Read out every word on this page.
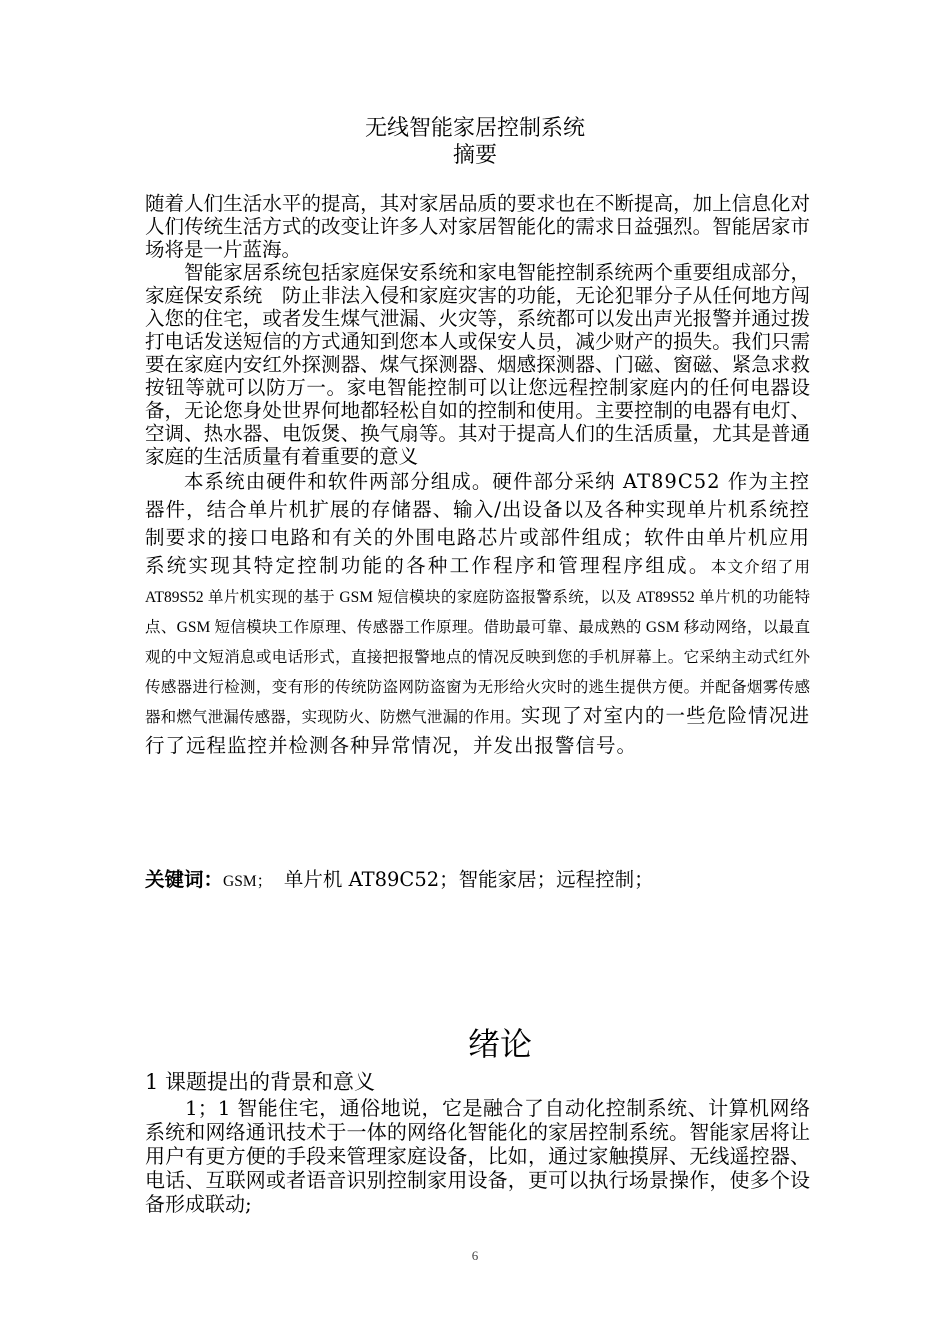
无线智能家居控制系统
摘要

随着人们生活水平的提高，其对家居品质的要求也在不断提高，加上信息化对人们传统生活方式的改变让许多人对家居智能化的需求日益强烈。智能居家市场将是一片蓝海。

智能家居系统包括家庭保安系统和家电智能控制系统两个重要组成部分，家庭保安系统　防止非法入侵和家庭灾害的功能，无论犯罪分子从任何地方闯入您的住宅，或者发生煤气泄漏、火灾等，系统都可以发出声光报警并通过拨打电话发送短信的方式通知到您本人或保安人员，减少财产的损失。我们只需要在家庭内安红外探测器、煤气探测器、烟感探测器、门磁、窗磁、紧急求救按钮等就可以防万一。家电智能控制可以让您远程控制家庭内的任何电器设备，无论您身处世界何地都轻松自如的控制和使用。主要控制的电器有电灯、空调、热水器、电饭煲、换气扇等。其对于提高人们的生活质量，尤其是普通家庭的生活质量有着重要的意义

本系统由硬件和软件两部分组成。硬件部分采纳 AT89C52 作为主控器件，结合单片机扩展的存储器、输入/出设备以及各种实现单片机系统控制要求的接口电路和有关的外围电路芯片或部件组成；软件由单片机应用系统实现其特定控制功能的各种工作程序和管理程序组成。本文介绍了用 AT89S52 单片机实现的基于 GSM 短信模块的家庭防盗报警系统，以及 AT89S52 单片机的功能特点、GSM 短信模块工作原理、传感器工作原理。借助最可靠、最成熟的 GSM 移动网络，以最直观的中文短消息或电话形式，直接把报警地点的情况反映到您的手机屏幕上。它采纳主动式红外传感器进行检测，变有形的传统防盗网防盗窗为无形给火灾时的逃生提供方便。并配备烟雾传感器和燃气泄漏传感器，实现防火、防燃气泄漏的作用。实现了对室内的一些危险情况进行了远程监控并检测各种异常情况，并发出报警信号。

关键词：GSM；　单片机 AT89C52；智能家居；远程控制；
绪论
1 课题提出的背景和意义

1；1 智能住宅，通俗地说，它是融合了自动化控制系统、计算机网络系统和网络通讯技术于一体的网络化智能化的家居控制系统。智能家居将让用户有更方便的手段来管理家庭设备，比如，通过家触摸屏、无线遥控器、电话、互联网或者语音识别控制家用设备，更可以执行场景操作，使多个设备形成联动;

6
